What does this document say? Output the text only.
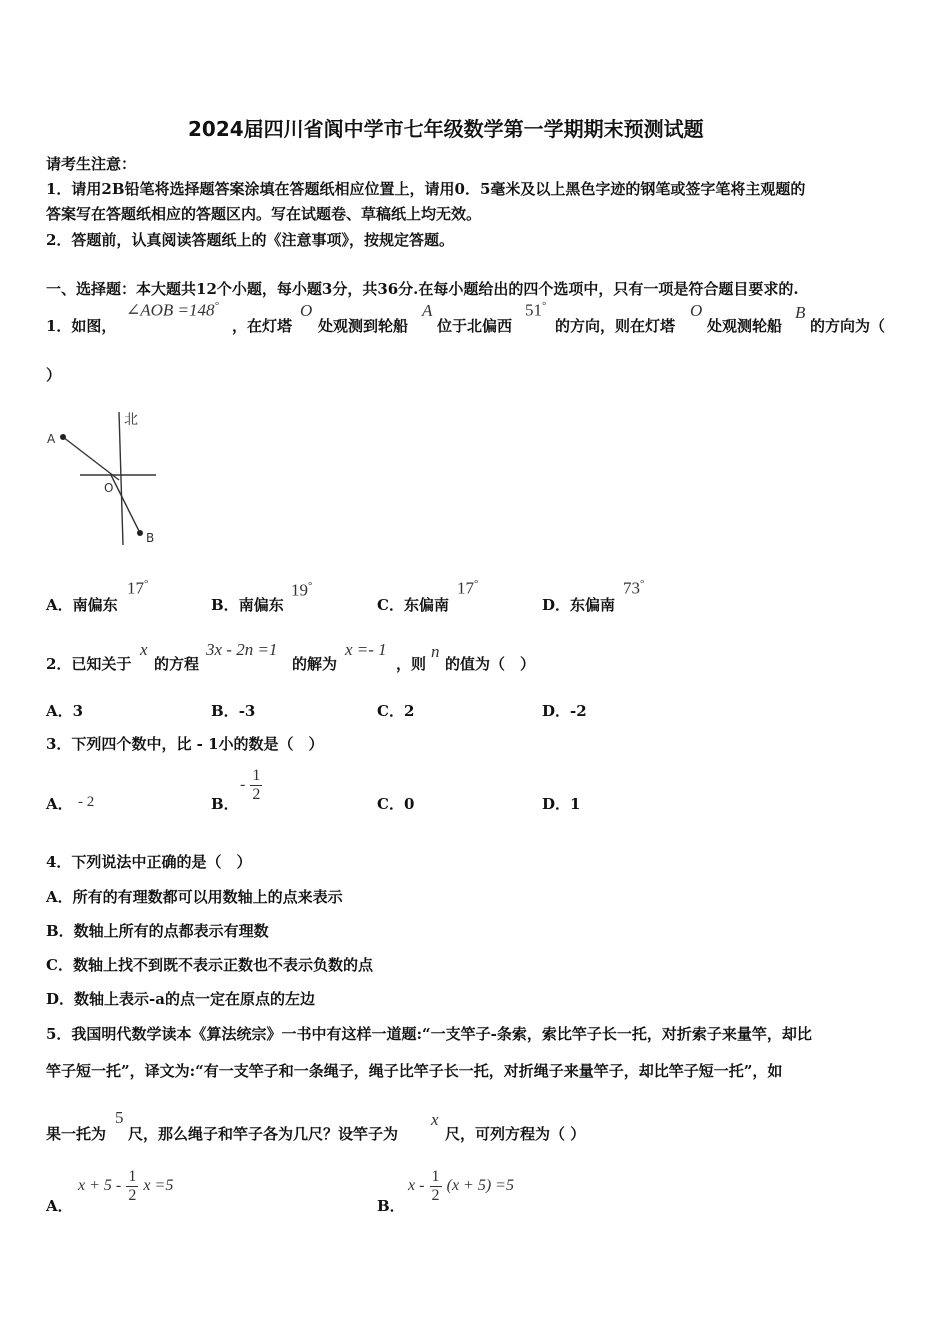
2024届四川省阆中学市七年级数学第一学期期末预测试题
请考生注意：
1．请用2B铅笔将选择题答案涂填在答题纸相应位置上，请用0．5毫米及以上黑色字迹的钢笔或签字笔将主观题的
答案写在答题纸相应的答题区内。写在试题卷、草稿纸上均无效。
2．答题前，认真阅读答题纸上的《注意事项》，按规定答题。
一、选择题：本大题共12个小题，每小题3分，共36分.在每小题给出的四个选项中，只有一项是符合题目要求的.
1．如图，
∠AOB =148°
，在灯塔
O
处观测到轮船
A
位于北偏西
51°
的方向，则在灯塔
O
处观测轮船
B
的方向为（
）
北
A
O
B
A．南偏东
17°
B．南偏东
19°
C．东偏南
17°
D．东偏南
73°
2．已知关于
x
的方程
3x - 2n =1
的解为
x =- 1
，则
n
的值为（　）
A．3	B．-3	C．2	D．-2
3．下列四个数中，比 - 1小的数是（　）
A． - 2	B．
- $\frac{1}{2}$
C．0	D．1
4．下列说法中正确的是（　）
A．所有的有理数都可以用数轴上的点来表示
B．数轴上所有的点都表示有理数
C．数轴上找不到既不表示正数也不表示负数的点
D．数轴上表示-a的点一定在原点的左边
5．我国明代数学读本《算法统宗》一书中有这样一道题:“一支竿子-条索，索比竿子长一托，对折索子来量竿，却比
竿子短一托”，译文为:“有一支竿子和一条绳子，绳子比竿子长一托，对折绳子来量竿子，却比竿子短一托”，如
果一托为
5
尺，那么绳子和竿子各为几尺？设竿子为
x
尺，可列方程为（ ）
A．
$x + 5 - \frac{1}{2}$ x =5
B．
$x - \frac{1}{2} (x + 5) =5$
